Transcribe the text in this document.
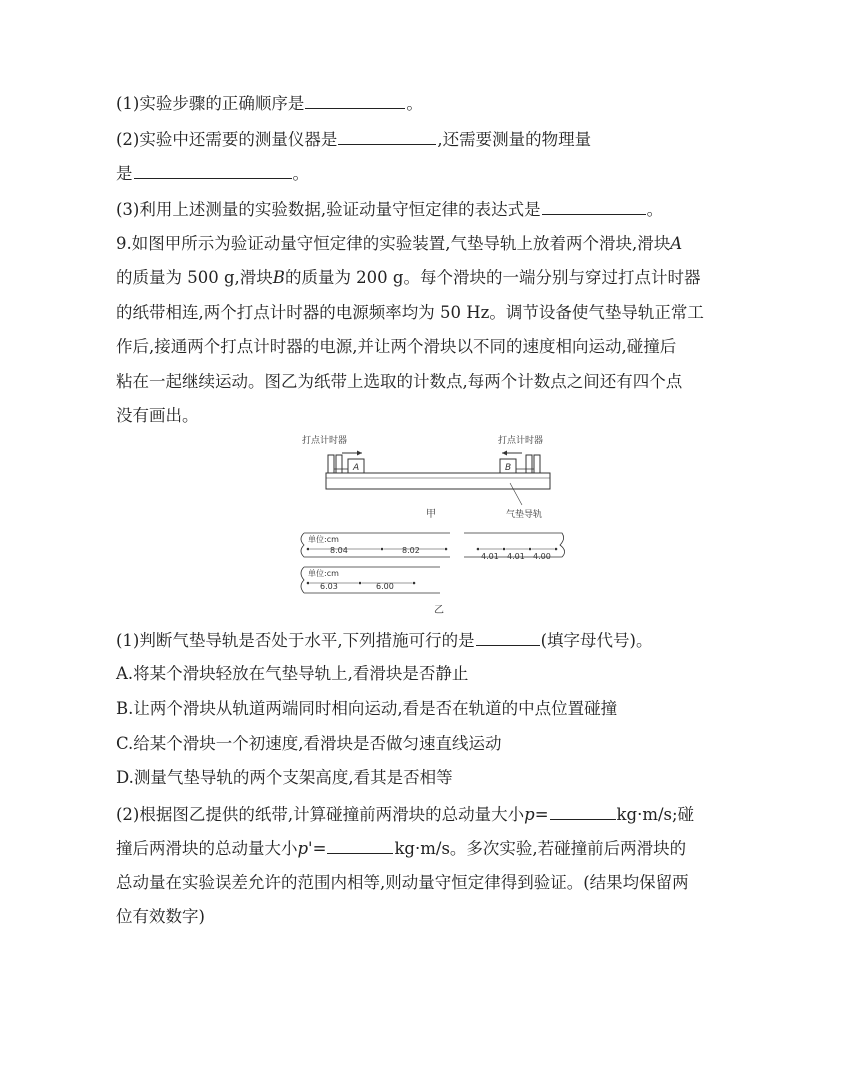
(1)实验步骤的正确顺序是	。
(2)实验中还需要的测量仪器是	,还需要测量的物理量
是	。
(3)利用上述测量的实验数据,验证动量守恒定律的表达式是	。
9.如图甲所示为验证动量守恒定律的实验装置,气垫导轨上放着两个滑块,滑块A
的质量为 500 g,滑块B的质量为 200 g。每个滑块的一端分别与穿过打点计时器
的纸带相连,两个打点计时器的电源频率均为 50 Hz。调节设备使气垫导轨正常工
作后,接通两个打点计时器的电源,并让两个滑块以不同的速度相向运动,碰撞后
粘在一起继续运动。图乙为纸带上选取的计数点,每两个计数点之间还有四个点
没有画出。
打点计时器	打点计时器
A	B
甲	气垫导轨
单位:cm
8.04	8.02
4.01 4.01 4.00
单位:cm
6.03	6.00
乙
(1)判断气垫导轨是否处于水平,下列措施可行的是	(填字母代号)。
A.将某个滑块轻放在气垫导轨上,看滑块是否静止
B.让两个滑块从轨道两端同时相向运动,看是否在轨道的中点位置碰撞
C.给某个滑块一个初速度,看滑块是否做匀速直线运动
D.测量气垫导轨的两个支架高度,看其是否相等
(2)根据图乙提供的纸带,计算碰撞前两滑块的总动量大小p=	kg·m/s;碰
撞后两滑块的总动量大小p'=	kg·m/s。多次实验,若碰撞前后两滑块的
总动量在实验误差允许的范围内相等,则动量守恒定律得到验证。(结果均保留两
位有效数字)
